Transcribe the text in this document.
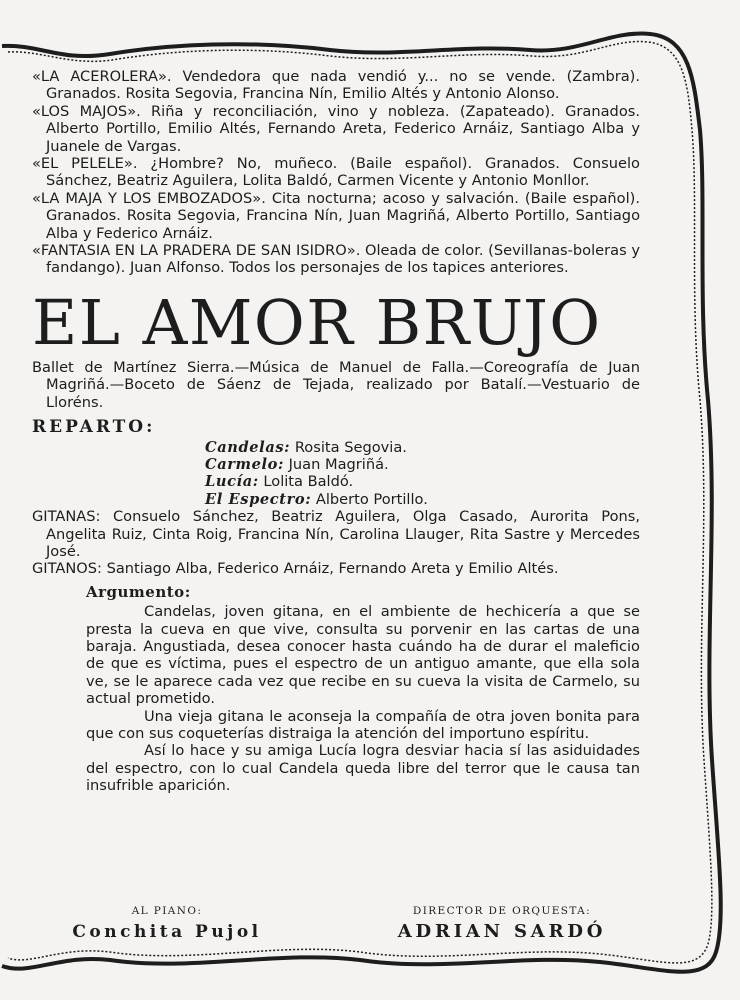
«LA ACEROLERA». Vendedora que nada vendió y... no se vende. (Zambra). Granados. Rosita Segovia, Francina Nín, Emilio Altés y Antonio Alonso.

«LOS MAJOS». Riña y reconciliación, vino y nobleza. (Zapateado). Granados. Alberto Portillo, Emilio Altés, Fernando Areta, Federico Arnáiz, Santiago Alba y Juanele de Vargas.

«EL PELELE». ¿Hombre? No, muñeco. (Baile español). Granados. Consuelo Sánchez, Beatriz Aguilera, Lolita Baldó, Carmen Vicente y Antonio Monllor.

«LA MAJA Y LOS EMBOZADOS». Cita nocturna; acoso y salvación. (Baile español). Granados. Rosita Segovia, Francina Nín, Juan Magriñá, Alberto Portillo, Santiago Alba y Federico Arnáiz.

«FANTASIA EN LA PRADERA DE SAN ISIDRO». Oleada de color. (Sevillanas-boleras y fandango). Juan Alfonso. Todos los personajes de los tapices anteriores.

EL AMOR BRUJO

Ballet de Martínez Sierra.—Música de Manuel de Falla.—Coreografía de Juan Magriñá.—Boceto de Sáenz de Tejada, realizado por Batalí.—Vestuario de Lloréns.

REPARTO:
Candelas: Rosita Segovia.
Carmelo: Juan Magriñá.
Lucía: Lolita Baldó.
El Espectro: Alberto Portillo.

GITANAS: Consuelo Sánchez, Beatriz Aguilera, Olga Casado, Aurorita Pons, Angelita Ruiz, Cinta Roig, Francina Nín, Carolina Llauger, Rita Sastre y Mercedes José.

GITANOS: Santiago Alba, Federico Arnáiz, Fernando Areta y Emilio Altés.

Argumento:

Candelas, joven gitana, en el ambiente de hechicería a que se presta la cueva en que vive, consulta su porvenir en las cartas de una baraja. Angustiada, desea conocer hasta cuándo ha de durar el maleficio de que es víctima, pues el espectro de un antiguo amante, que ella sola ve, se le aparece cada vez que recibe en su cueva la visita de Carmelo, su actual prometido.

Una vieja gitana le aconseja la compañía de otra joven bonita para que con sus coqueterías distraiga la atención del importuno espíritu.

Así lo hace y su amiga Lucía logra desviar hacia sí las asiduidades del espectro, con lo cual Candela queda libre del terror que le causa tan insufrible aparición.

AL PIANO:
Conchita Pujol
DIRECTOR DE ORQUESTA:
ADRIAN SARDÓ
